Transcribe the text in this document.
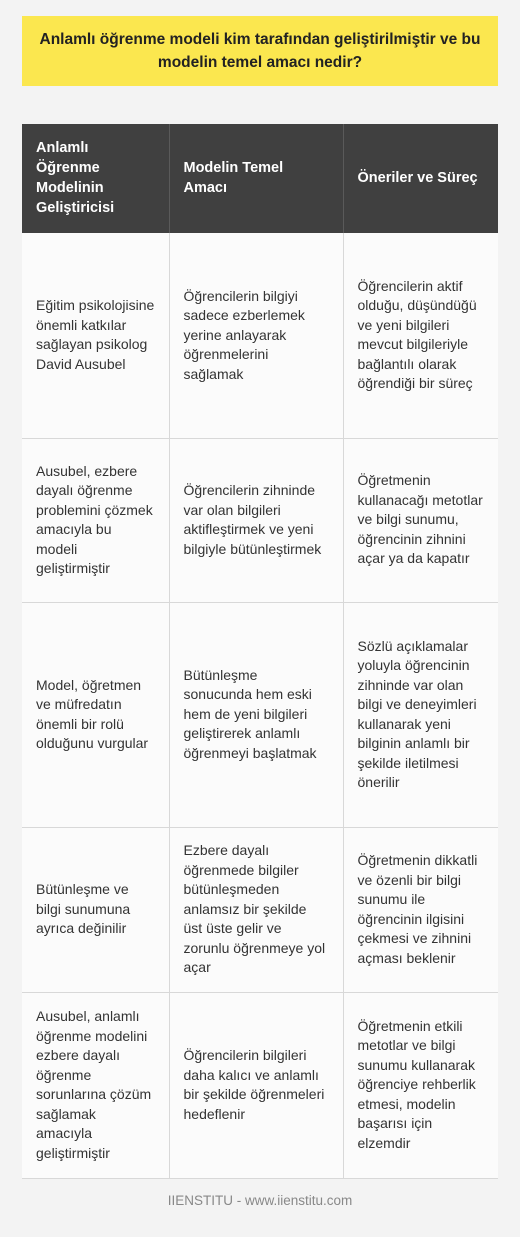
Anlamlı öğrenme modeli kim tarafından geliştirilmiştir ve bu modelin temel amacı nedir?
Anlamlı Öğrenme Modelinin Geliştiricisi	Modelin Temel Amacı	Öneriler ve Süreç
Eğitim psikolojisine önemli katkılar sağlayan psikolog David Ausubel	Öğrencilerin bilgiyi sadece ezberlemek yerine anlayarak öğrenmelerini sağlamak	Öğrencilerin aktif olduğu, düşündüğü ve yeni bilgileri mevcut bilgileriyle bağlantılı olarak öğrendiği bir süreç
Ausubel, ezbere dayalı öğrenme problemini çözmek amacıyla bu modeli geliştirmiştir	Öğrencilerin zihninde var olan bilgileri aktifleştirmek ve yeni bilgiyle bütünleştirmek	Öğretmenin kullanacağı metotlar ve bilgi sunumu, öğrencinin zihnini açar ya da kapatır
Model, öğretmen ve müfredatın önemli bir rolü olduğunu vurgular	Bütünleşme sonucunda hem eski hem de yeni bilgileri geliştirerek anlamlı öğrenmeyi başlatmak	Sözlü açıklamalar yoluyla öğrencinin zihninde var olan bilgi ve deneyimleri kullanarak yeni bilginin anlamlı bir şekilde iletilmesi önerilir
Bütünleşme ve bilgi sunumuna ayrıca değinilir	Ezbere dayalı öğrenmede bilgiler bütünleşmeden anlamsız bir şekilde üst üste gelir ve zorunlu öğrenmeye yol açar	Öğretmenin dikkatli ve özenli bir bilgi sunumu ile öğrencinin ilgisini çekmesi ve zihnini açması beklenir
Ausubel, anlamlı öğrenme modelini ezbere dayalı öğrenme sorunlarına çözüm sağlamak amacıyla geliştirmiştir	Öğrencilerin bilgileri daha kalıcı ve anlamlı bir şekilde öğrenmeleri hedeflenir	Öğretmenin etkili metotlar ve bilgi sunumu kullanarak öğrenciye rehberlik etmesi, modelin başarısı için elzemdir
IIENSTITU - www.iienstitu.com
